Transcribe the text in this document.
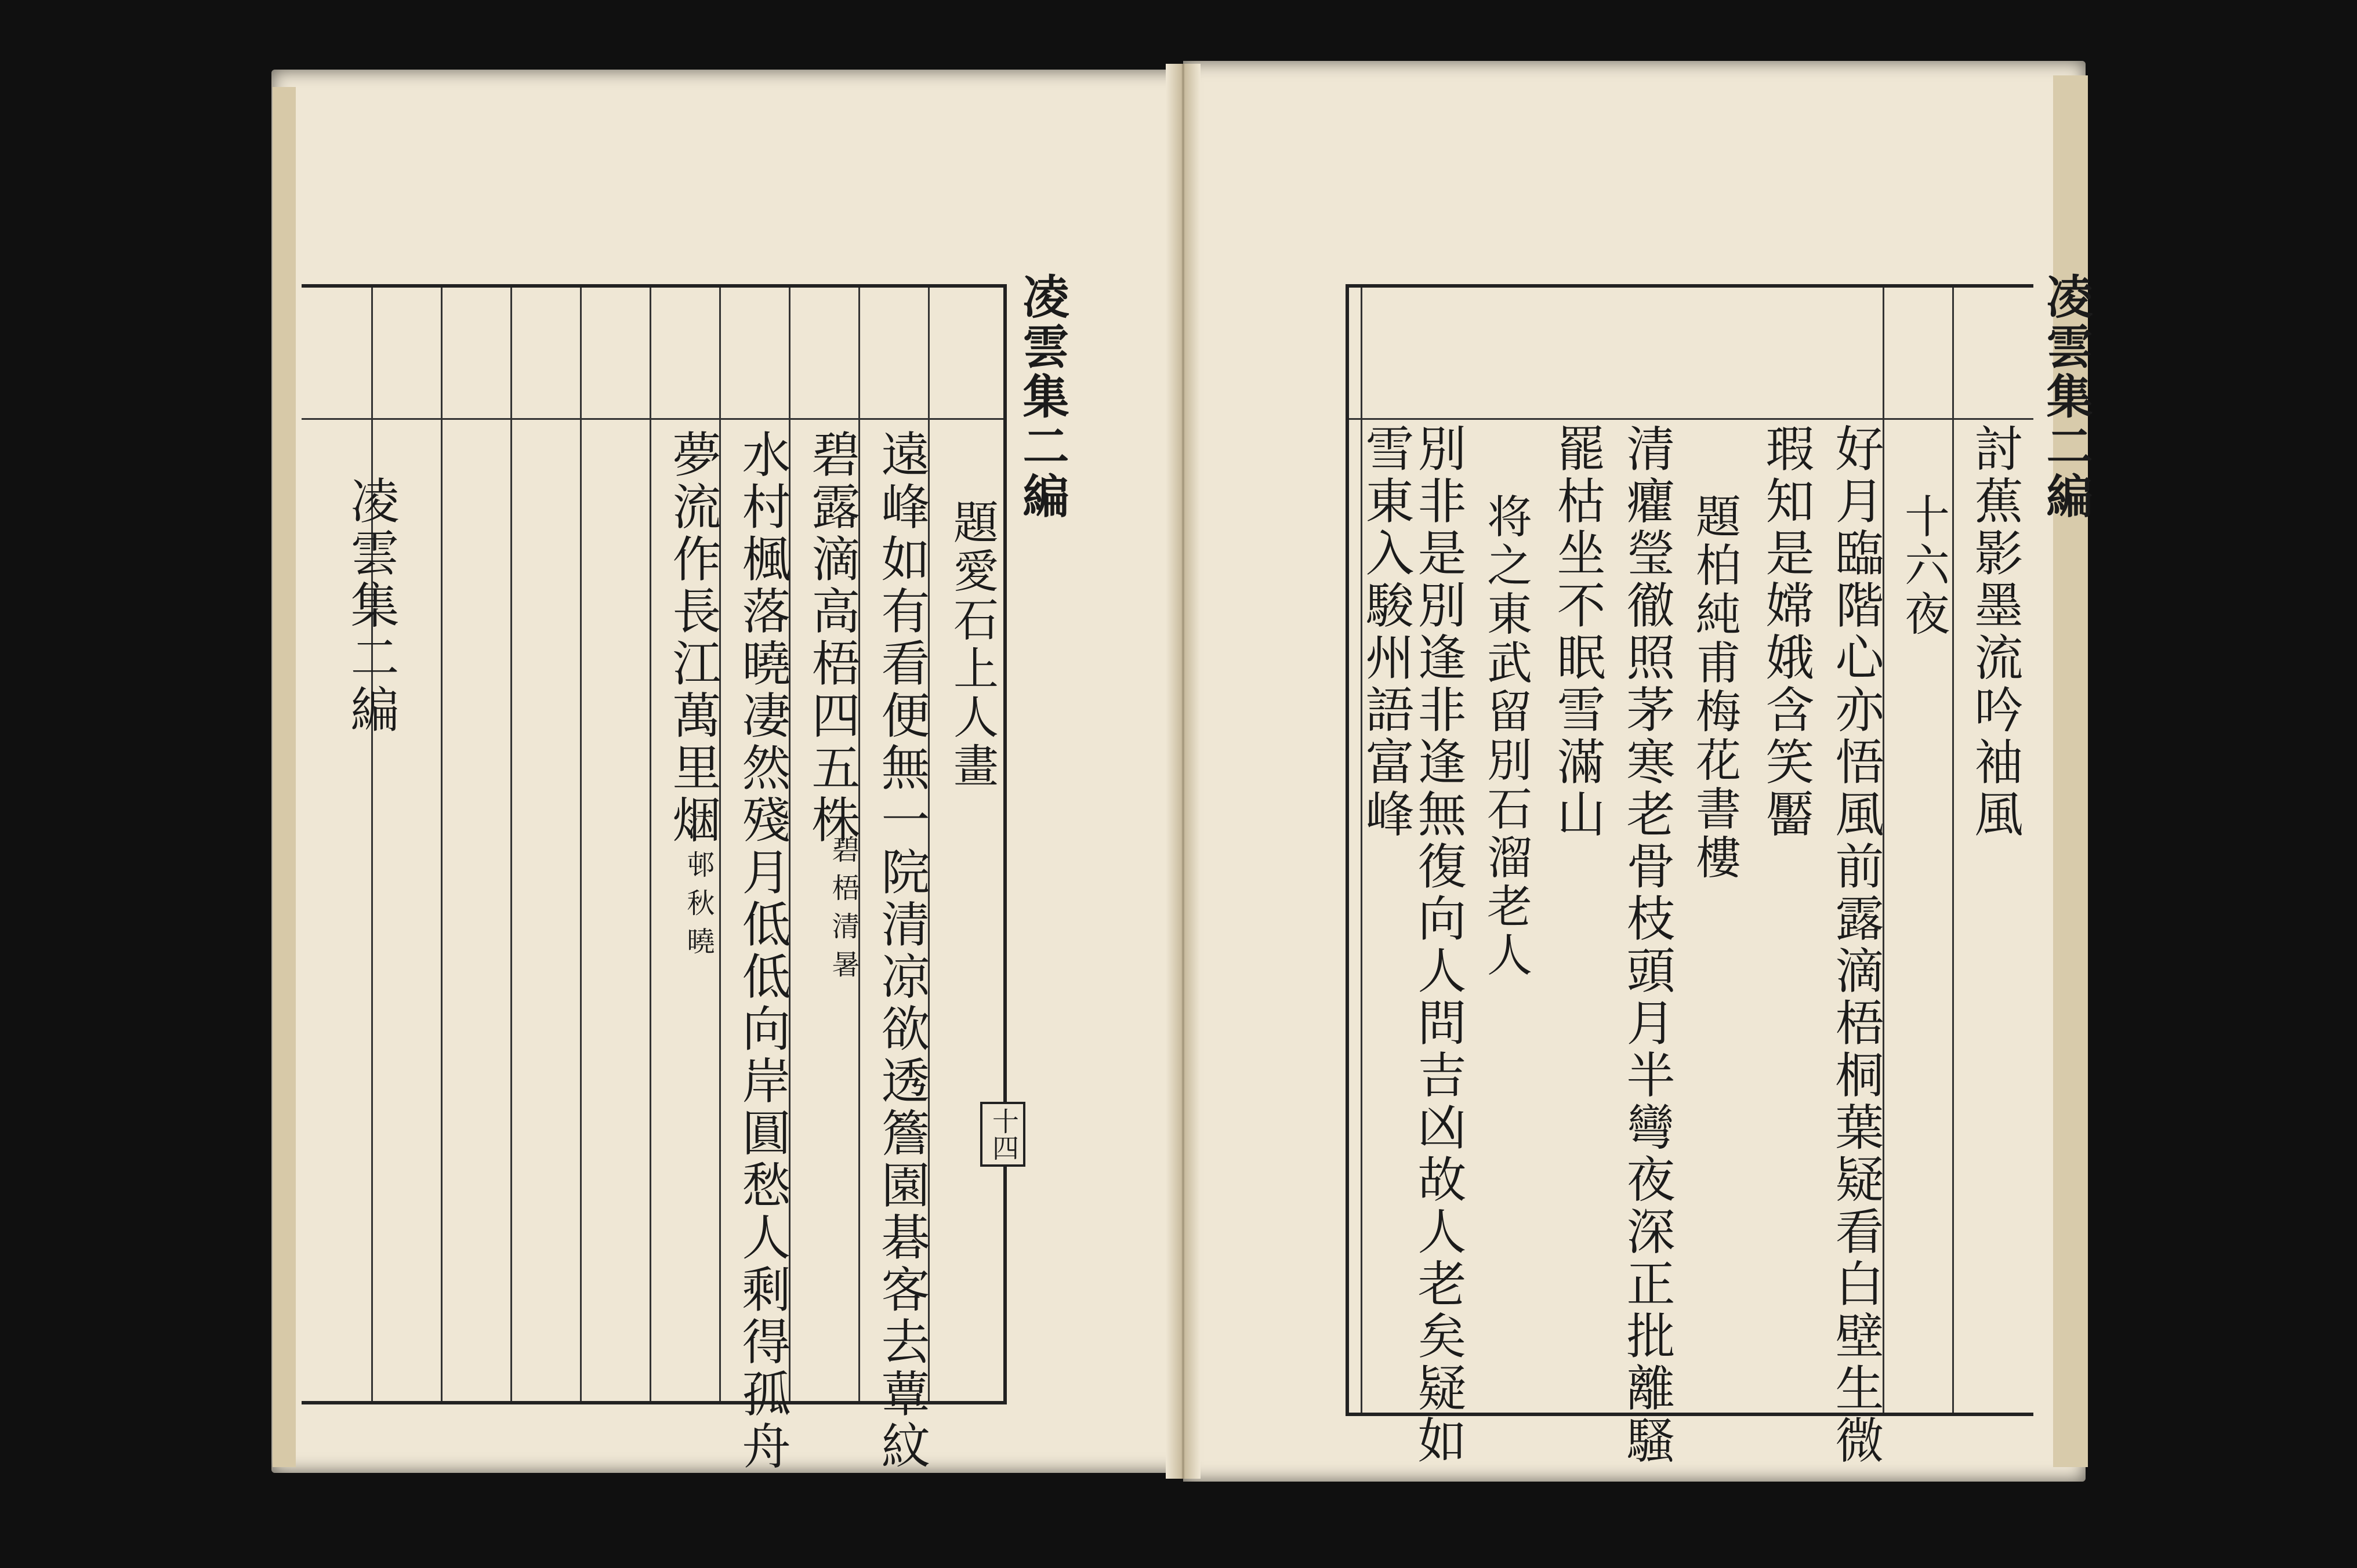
凌雲集二編
十四
題愛石上人畫
遠峰如有看便無一院清凉欲透簷園碁客去蕈紋
碧露滴高梧四五株
碧梧清暑
水村楓落曉凄然殘月低低向岸圓愁人剩得孤舟
夢流作長江萬里烟
江邨秋曉
凌雲集二編
凌雲集二編
討蕉影墨流吟袖風
十六夜
好月臨階心亦悟風前露滴梧桐葉疑看白壁生微
瑕知是嫦娥含笑靨
題柏純甫梅花書樓
清癯瑩徹照茅寒老骨枝頭月半彎夜深正批離騷
罷枯坐不眠雪滿山
将之東武留別石溜老人
別非是別逢非逢無復向人問吉凶故人老矣疑如
雪東入駿州語富峰
